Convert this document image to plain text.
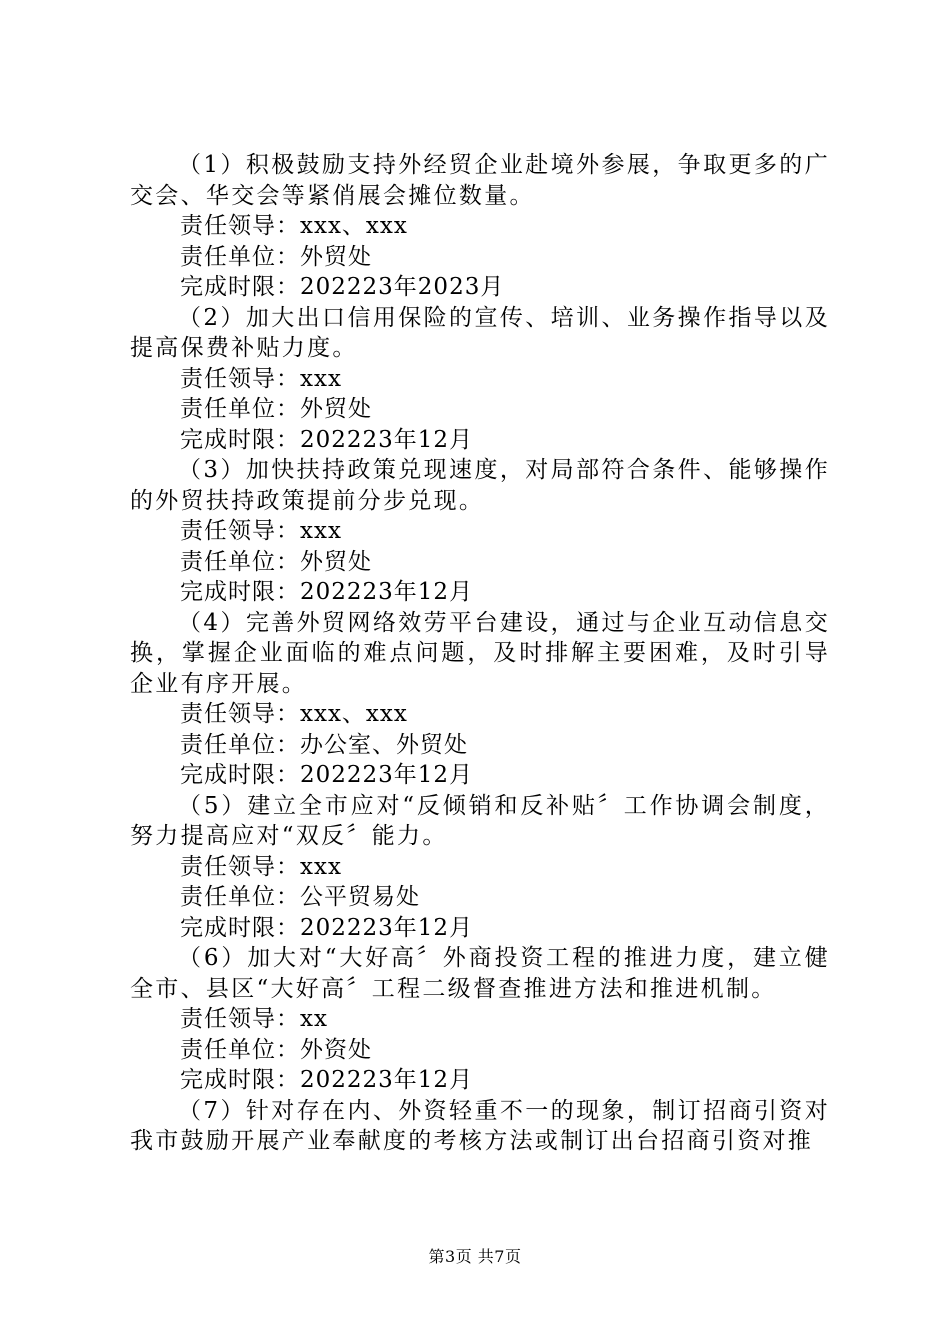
（1）积极鼓励支持外经贸企业赴境外参展，争取更多的广交会、华交会等紧俏展会摊位数量。

责任领导：xxx、xxx

责任单位：外贸处

完成时限：202223年2023月

（2）加大出口信用保险的宣传、培训、业务操作指导以及提高保费补贴力度。

责任领导：xxx

责任单位：外贸处

完成时限：202223年12月

（3）加快扶持政策兑现速度，对局部符合条件、能够操作的外贸扶持政策提前分步兑现。

责任领导：xxx

责任单位：外贸处

完成时限：202223年12月

（4）完善外贸网络效劳平台建设，通过与企业互动信息交换，掌握企业面临的难点问题，及时排解主要困难，及时引导企业有序开展。

责任领导：xxx、xxx

责任单位：办公室、外贸处

完成时限：202223年12月

（5）建立全市应对“反倾销和反补贴〞工作协调会制度，努力提高应对“双反〞能力。

责任领导：xxx

责任单位：公平贸易处

完成时限：202223年12月

（6）加大对“大好高〞外商投资工程的推进力度，建立健全市、县区“大好高〞工程二级督查推进方法和推进机制。

责任领导：xx

责任单位：外资处

完成时限：202223年12月

（7）针对存在内、外资轻重不一的现象，制订招商引资对我市鼓励开展产业奉献度的考核方法或制订出台招商引资对推

第3页 共7页
